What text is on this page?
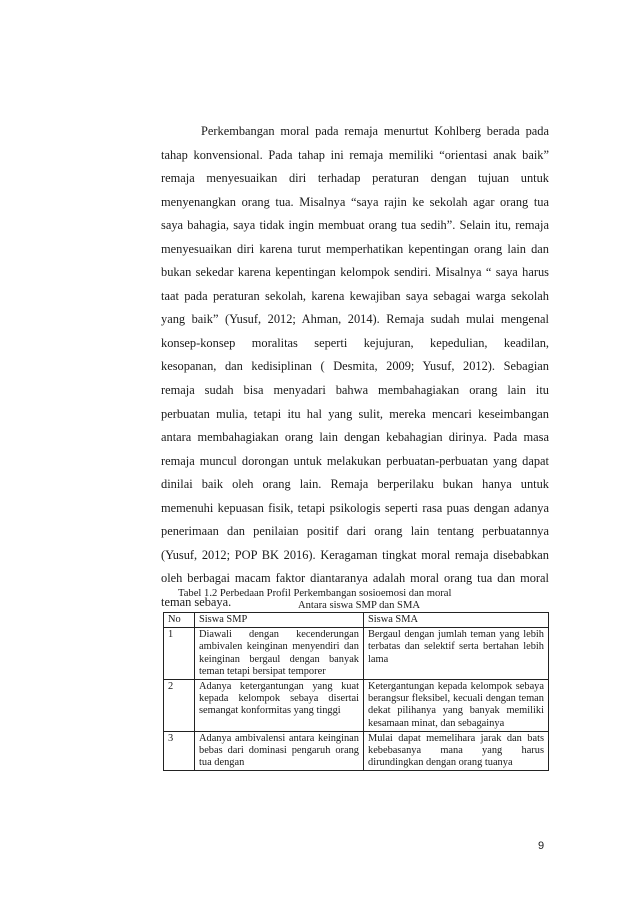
Perkembangan moral pada remaja menurtut Kohlberg berada pada
tahap konvensional. Pada tahap ini remaja memiliki “orientasi anak baik”
remaja menyesuaikan diri terhadap peraturan dengan tujuan untuk
menyenangkan orang tua. Misalnya “saya rajin ke sekolah agar orang tua
saya bahagia, saya tidak ingin membuat orang tua sedih”. Selain itu, remaja
menyesuaikan diri karena turut memperhatikan kepentingan orang lain dan
bukan sekedar karena kepentingan kelompok sendiri. Misalnya “ saya harus
taat pada peraturan sekolah, karena kewajiban saya sebagai warga sekolah
yang baik” (Yusuf, 2012; Ahman, 2014). Remaja sudah mulai mengenal
konsep-konsep moralitas seperti kejujuran, kepedulian, keadilan,
kesopanan, dan kedisiplinan ( Desmita, 2009; Yusuf, 2012). Sebagian
remaja sudah bisa menyadari bahwa membahagiakan orang lain itu
perbuatan mulia, tetapi itu hal yang sulit, mereka mencari keseimbangan
antara membahagiakan orang lain dengan kebahagian dirinya. Pada masa
remaja muncul dorongan untuk melakukan perbuatan-perbuatan yang dapat
dinilai baik oleh orang lain. Remaja berperilaku bukan hanya untuk
memenuhi kepuasan fisik, tetapi psikologis seperti rasa puas dengan adanya
penerimaan dan penilaian positif dari orang lain tentang perbuatannya
(Yusuf, 2012; POP BK 2016). Keragaman tingkat moral remaja disebabkan
oleh berbagai macam faktor diantaranya adalah moral orang tua dan moral
teman sebaya.
Tabel 1.2 Perbedaan Profil Perkembangan sosioemosi dan moral
Antara siswa SMP dan SMA
No	Siswa SMP	Siswa SMA
1	Diawali dengan kecenderungan ambivalen keinginan menyendiri dan keinginan bergaul dengan banyak teman tetapi bersipat temporer	Bergaul dengan jumlah teman yang lebih terbatas dan selektif serta bertahan lebih lama
2	Adanya ketergantungan yang kuat kepada kelompok sebaya disertai semangat konformitas yang tinggi	Ketergantungan kepada kelompok sebaya berangsur fleksibel, kecuali dengan teman dekat pilihanya yang banyak memiliki kesamaan minat, dan sebagainya
3	Adanya ambivalensi antara keinginan bebas dari dominasi pengaruh orang tua dengan	Mulai dapat memelihara jarak dan bats kebebasanya mana yang harus dirundingkan dengan orang tuanya
9
